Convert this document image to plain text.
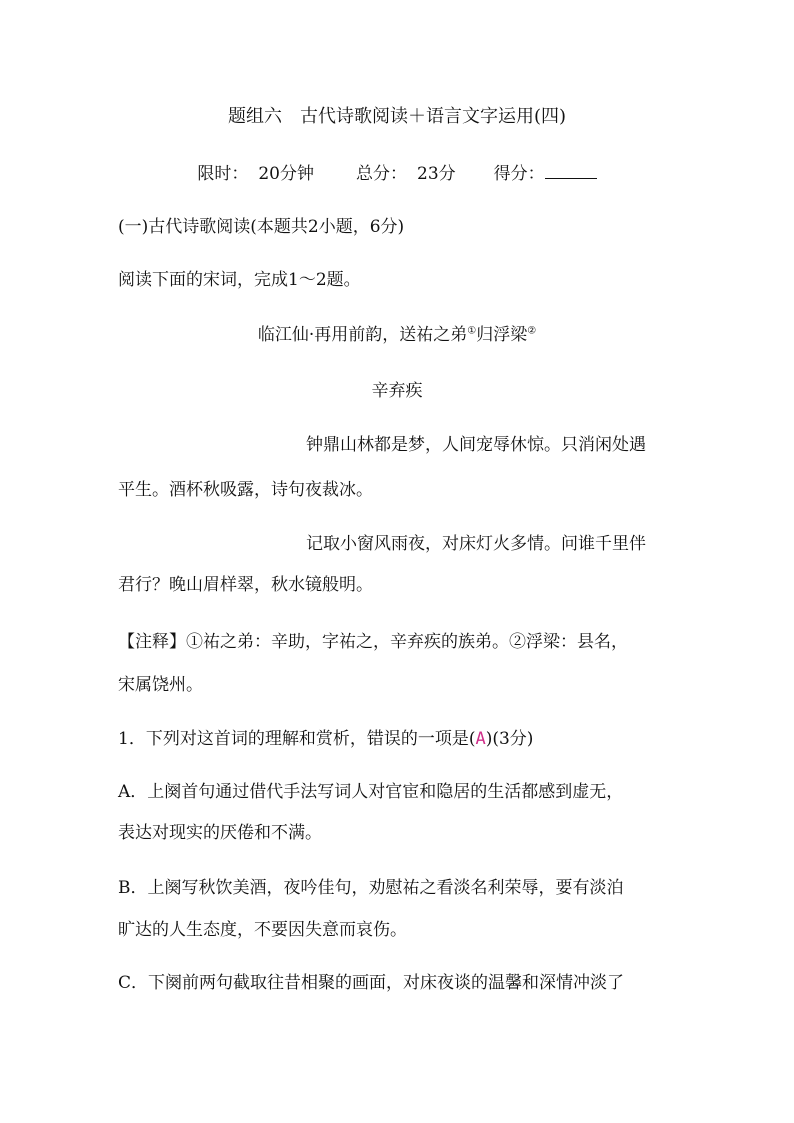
题组六　古代诗歌阅读＋语言文字运用(四)
限时： 20分钟 总分： 23分 得分：
(一)古代诗歌阅读(本题共2小题，6分)
阅读下面的宋词，完成1～2题。
临江仙·再用前韵，送祐之弟①归浮梁②
辛弃疾
钟鼎山林都是梦，人间宠辱休惊。只消闲处遇
平生。酒杯秋吸露，诗句夜裁冰。
记取小窗风雨夜，对床灯火多情。问谁千里伴
君行？晚山眉样翠，秋水镜般明。
【注释】①祐之弟：辛助，字祐之，辛弃疾的族弟。②浮梁：县名，
宋属饶州。
1．下列对这首词的理解和赏析，错误的一项是(A)(3分)
A．上阕首句通过借代手法写词人对官宦和隐居的生活都感到虚无，
表达对现实的厌倦和不满。
B．上阕写秋饮美酒，夜吟佳句，劝慰祐之看淡名利荣辱，要有淡泊
旷达的人生态度，不要因失意而哀伤。
C．下阕前两句截取往昔相聚的画面，对床夜谈的温馨和深情冲淡了
